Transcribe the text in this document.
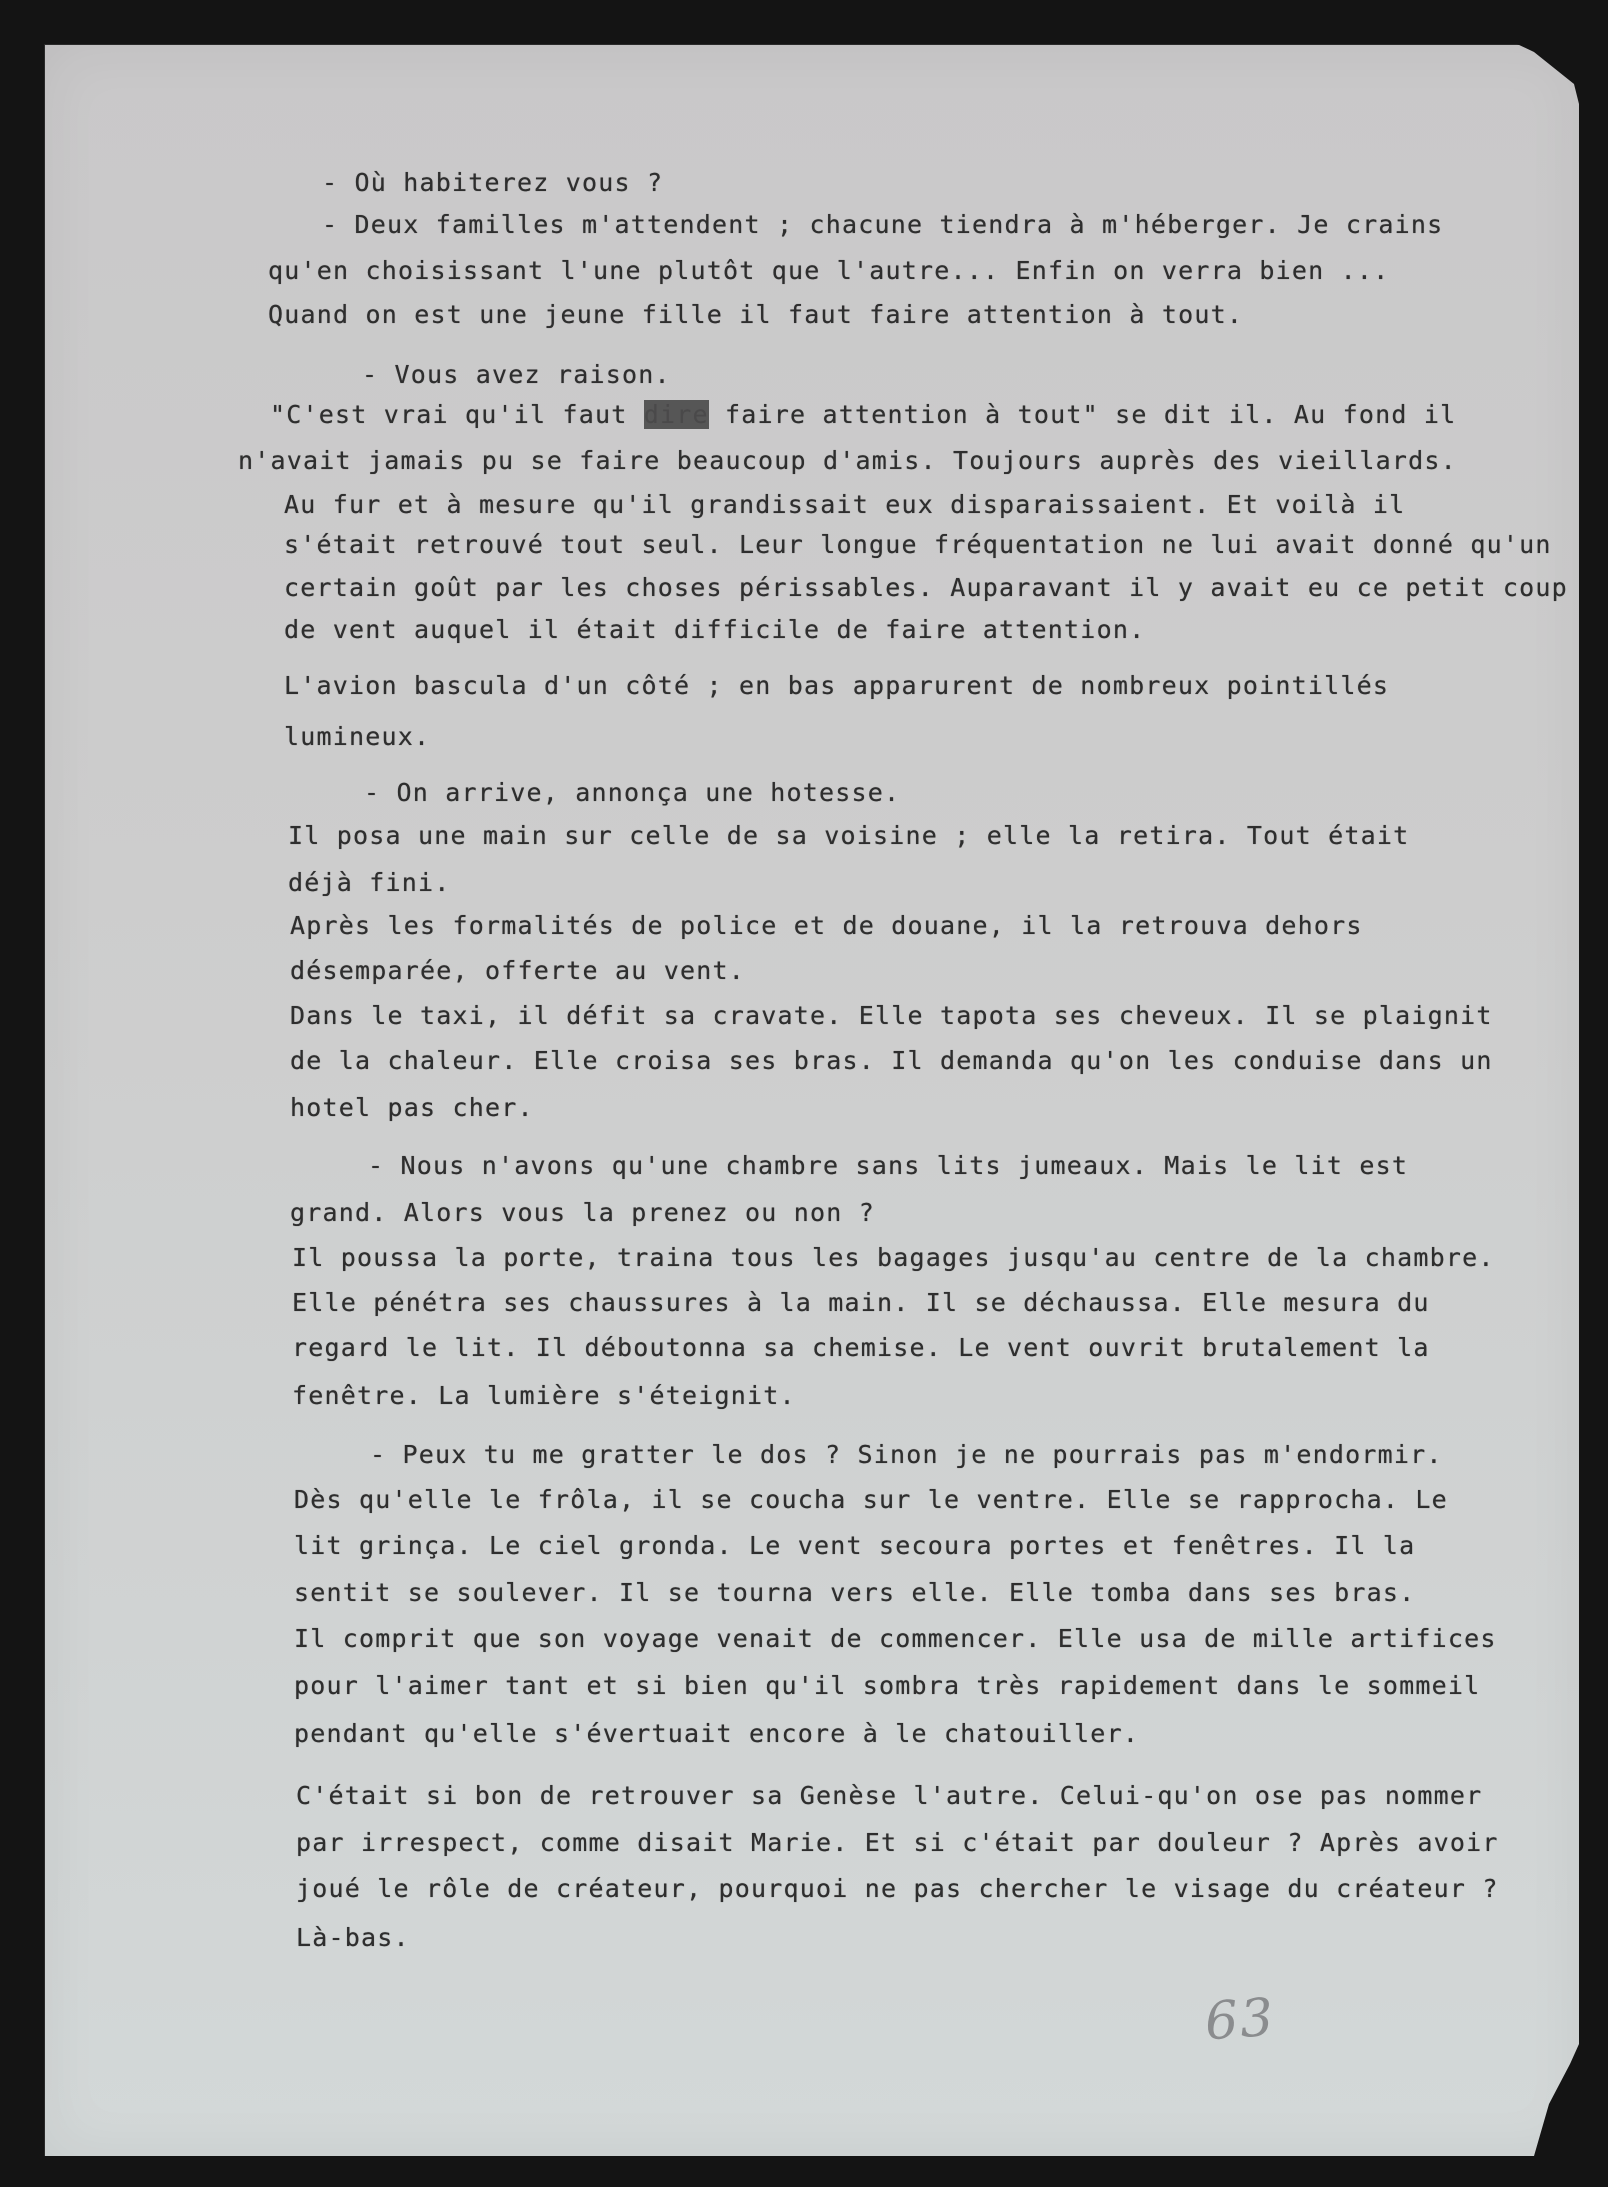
- Où habiterez vous ?
- Deux familles m'attendent ; chacune tiendra à m'héberger. Je crains
qu'en choisissant l'une plutôt que l'autre... Enfin on verra bien ...
Quand on est une jeune fille il faut faire attention à tout.
- Vous avez raison.
"C'est vrai qu'il faut dire faire attention à tout" se dit il. Au fond il
n'avait jamais pu se faire beaucoup d'amis. Toujours auprès des vieillards.
Au fur et à mesure qu'il grandissait eux disparaissaient. Et voilà il
s'était retrouvé tout seul. Leur longue fréquentation ne lui avait donné qu'un
certain goût par les choses périssables. Auparavant il y avait eu ce petit coup
de vent auquel il était difficile de faire attention.
L'avion bascula d'un côté ; en bas apparurent de nombreux pointillés
lumineux.
- On arrive, annonça une hotesse.
Il posa une main sur celle de sa voisine ; elle la retira. Tout était
déjà fini.
Après les formalités de police et de douane, il la retrouva dehors
désemparée, offerte au vent.
Dans le taxi, il défit sa cravate. Elle tapota ses cheveux. Il se plaignit
de la chaleur. Elle croisa ses bras. Il demanda qu'on les conduise dans un
hotel pas cher.
- Nous n'avons qu'une chambre sans lits jumeaux. Mais le lit est
grand. Alors vous la prenez ou non ?
Il poussa la porte, traina tous les bagages jusqu'au centre de la chambre.
Elle pénétra ses chaussures à la main. Il se déchaussa. Elle mesura du
regard le lit. Il déboutonna sa chemise. Le vent ouvrit brutalement la
fenêtre. La lumière s'éteignit.
- Peux tu me gratter le dos ? Sinon je ne pourrais pas m'endormir.
Dès qu'elle le frôla, il se coucha sur le ventre. Elle se rapprocha. Le
lit grinça. Le ciel gronda. Le vent secoura portes et fenêtres. Il la
sentit se soulever. Il se tourna vers elle. Elle tomba dans ses bras.
Il comprit que son voyage venait de commencer. Elle usa de mille artifices
pour l'aimer tant et si bien qu'il sombra très rapidement dans le sommeil
pendant qu'elle s'évertuait encore à le chatouiller.
C'était si bon de retrouver sa Genèse l'autre. Celui-qu'on ose pas nommer
par irrespect, comme disait Marie. Et si c'était par douleur ? Après avoir
joué le rôle de créateur, pourquoi ne pas chercher le visage du créateur ?
Là-bas.
63
